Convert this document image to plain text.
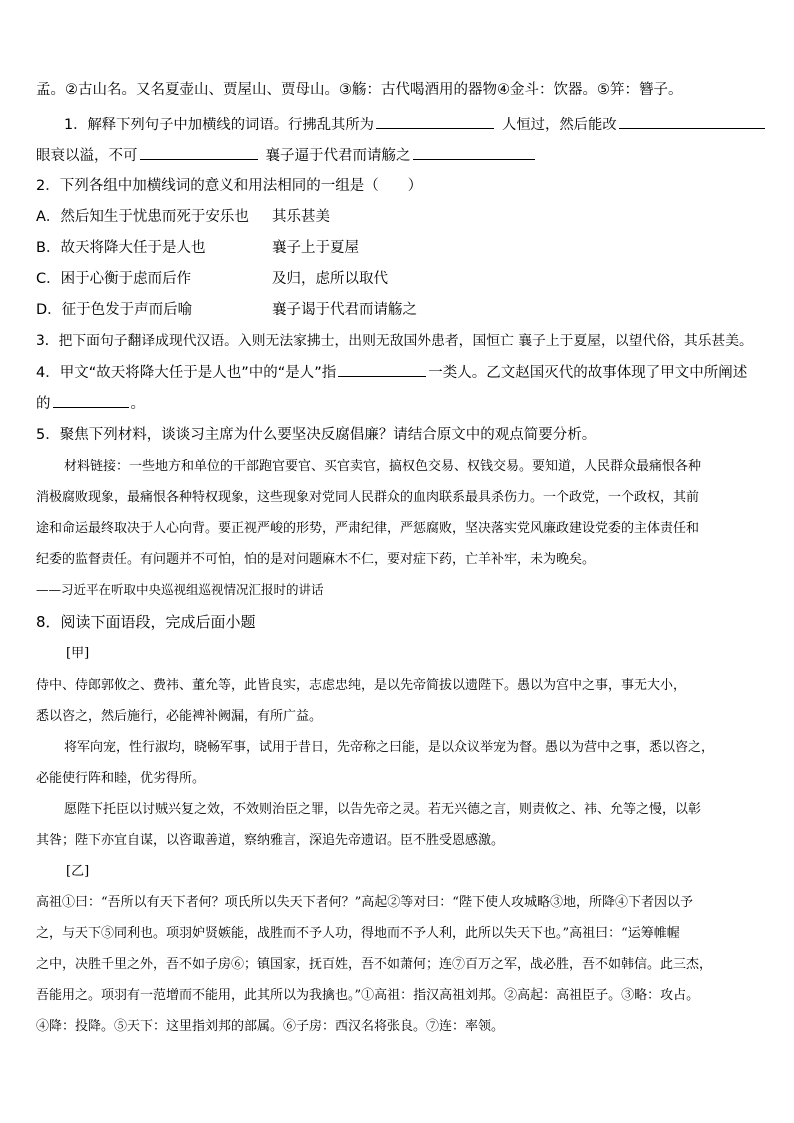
孟。②古山名。又名夏壶山、贾屋山、贾母山。③觞：古代喝酒用的器物④金斗：饮器。⑤笄：簪子。
1．解释下列句子中加横线的词语。行拂乱其所为	人恒过，然后能改
眼衰以溢，不可	襄子逼于代君而请觞之
2．下列各组中加横线词的意义和用法相同的一组是（　　）
A．然后知生于忧患而死于安乐也 其乐甚美
B．故天将降大任于是人也	襄子上于夏屋
C．困于心衡于虑而后作	及归，虑所以取代
D．征于色发于声而后喻	襄子谒于代君而请觞之
3．把下面句子翻译成现代汉语。入则无法家拂士，出则无敌国外患者，国恒亡 襄子上于夏屋，以望代俗，其乐甚美。
4．甲文“故天将降大任于是人也”中的“是人”指	一类人。乙文赵国灭代的故事体现了甲文中所阐述
的	。
5．聚焦下列材料，谈谈习主席为什么要坚决反腐倡廉？请结合原文中的观点简要分析。
材料链接：一些地方和单位的干部跑官要官、买官卖官，搞权色交易、权钱交易。要知道，人民群众最痛恨各种
消极腐败现象，最痛恨各种特权现象，这些现象对党同人民群众的血肉联系最具杀伤力。一个政党，一个政权，其前
途和命运最终取决于人心向背。要正视严峻的形势，严肃纪律，严惩腐败，坚决落实党风廉政建设党委的主体责任和
纪委的监督责任。有问题并不可怕，怕的是对问题麻木不仁，要对症下药，亡羊补牢，未为晚矣。
——习近平在听取中央巡视组巡视情况汇报时的讲话
8．阅读下面语段，完成后面小题
[甲]
侍中、侍郎郭攸之、费祎、董允等，此皆良实，志虑忠纯，是以先帝简拔以遗陛下。愚以为宫中之事，事无大小，
悉以咨之，然后施行，必能裨补阙漏，有所广益。
将军向宠，性行淑均，晓畅军事，试用于昔日，先帝称之曰能，是以众议举宠为督。愚以为营中之事，悉以咨之，
必能使行阵和睦，优劣得所。
愿陛下托臣以讨贼兴复之效，不效则治臣之罪，以告先帝之灵。若无兴德之言，则责攸之、祎、允等之慢，以彰
其咎；陛下亦宜自谋，以咨诹善道，察纳雅言，深追先帝遗诏。臣不胜受恩感激。
[乙]
高祖①曰：“吾所以有天下者何？项氏所以失天下者何？”高起②等对曰：“陛下使人攻城略③地，所降④下者因以予
之，与天下⑤同利也。项羽妒贤嫉能，战胜而不予人功，得地而不予人利，此所以失天下也。”高祖曰：“运筹帷幄
之中，决胜千里之外，吾不如子房⑥；镇国家，抚百姓，吾不如萧何；连⑦百万之军，战必胜，吾不如韩信。此三杰，
吾能用之。项羽有一范增而不能用，此其所以为我擒也。”①高祖：指汉高祖刘邦。②高起：高祖臣子。③略：攻占。
④降：投降。⑤天下：这里指刘邦的部属。⑥子房：西汉名将张良。⑦连：率领。
